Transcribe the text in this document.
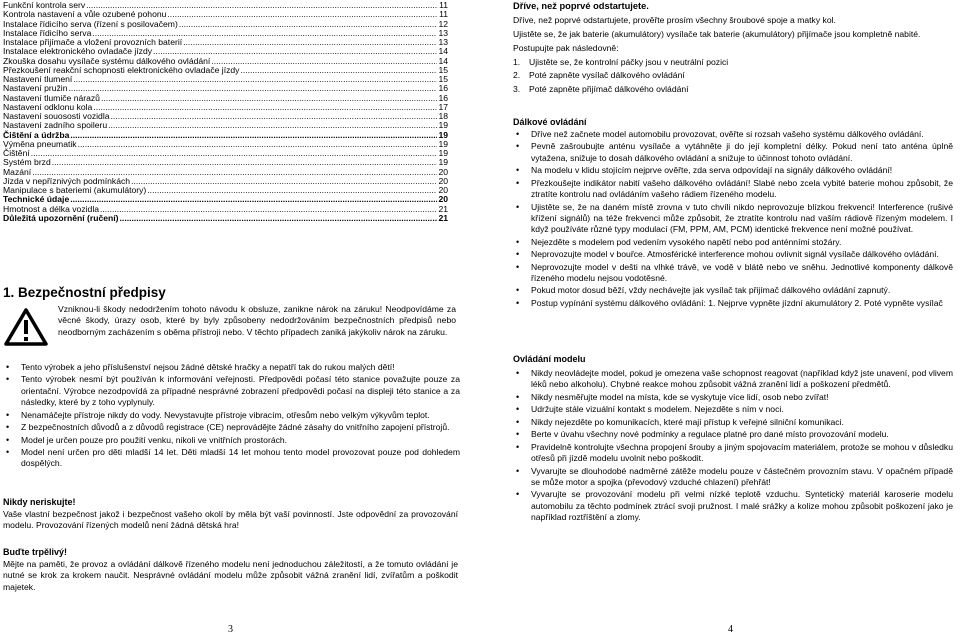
Funkční kontrola serv .....	11
Kontrola nastavení a vůle ozubené pohonu .....	11
Instalace řídicího serva (řízení s posilovačem) .....	12
Instalace řídicího serva .....	13
Instalace přijímače a vložení provozních baterií .....	13
Instalace elektronického ovladače jízdy .....	14
Zkouška dosahu vysílače systému dálkového ovládání .....	14
Přezkoušení reakční schopnosti elektronického ovladače jízdy .....	15
Nastavení tlumení .....	15
Nastavení pružin .....	16
Nastavení tlumiče nárazů .....	16
Nastavení odklonu kola .....	17
Nastavení souososti vozidla .....	18
Nastavení zadního spoileru .....	19
Čištění a údržba .....	19
Výměna pneumatik .....	19
Čištění .....	19
Systém brzd .....	19
Mazání .....	20
Jízda v nepříznivých podmínkách .....	20
Manipulace s bateriemi (akumulátory) .....	20
Technické údaje .....	20
Hmotnost a délka vozidla .....	21
Důležitá upozornění (ručení) .....	21
1. Bezpečnostní předpisy
Vzniknou-li škody nedodržením tohoto návodu k obsluze, zanikne nárok na záruku! Neodpovídáme za věcné škody, úrazy osob, které by byly způsobeny nedodržováním bezpečnostních předpisů nebo neodborným zacházením s oběma přístroji nebo. V těchto případech zaniká jakýkoliv nárok na záruku.
• Tento výrobek a jeho příslušenství nejsou žádné dětské hračky a nepatří tak do rukou malých dětí!
• Tento výrobek nesmí být používán k informování veřejnosti. Předpovědi počasí této stanice považujte pouze za orientační. Výrobce nezodpovídá za případné nesprávné zobrazení předpovědi počasí na displeji této stanice a za následky, které by z toho vyplynuly.
• Nenamáčejte přístroje nikdy do vody. Nevystavujte přístroje vibracím, otřesům nebo velkým výkyvům teplot.
• Z bezpečnostních důvodů a z důvodů registrace (CE) neprovádějte žádné zásahy do vnitřního zapojení přístrojů.
• Model je určen pouze pro použití venku, nikoli ve vnitřních prostorách.
• Model není určen pro děti mladší 14 let. Děti mladší 14 let mohou tento model provozovat pouze pod dohledem dospělých.
Nikdy neriskujte!

Vaše vlastní bezpečnost jakož i bezpečnost vašeho okolí by měla být vaší povinností. Jste odpovědní za provozování modelu. Provozování řízených modelů není žádná dětská hra!

Buďte trpělivý!

Mějte na paměti, že provoz a ovládání dálkově řízeného modelu není jednoduchou záležitostí, a že tomuto ovládání je nutné se krok za krokem naučit. Nesprávné ovládání modelu může způsobit vážná zranění lidí, zvířatům a poškodit majetek.

3
Dříve, než poprvé odstartujete.

Dříve, než poprvé odstartujete, prověřte prosím všechny šroubové spoje a matky kol.

Ujistěte se, že jak baterie (akumulátory) vysílače tak baterie (akumulátory) přijímače jsou kompletně nabité.

Postupujte pak následovně:

1. Ujistěte se, že kontrolní páčky jsou v neutrální pozici
2. Poté zapněte vysílač dálkového ovládání
3. Poté zapněte přijímač dálkového ovládání
Dálkové ovládání
• Dříve než začnete model automobilu provozovat, ověřte si rozsah vašeho systému dálkového ovládání.
• Pevně zašroubujte anténu vysílače a vytáhněte ji do její kompletní délky. Pokud není tato anténa úplně vytažena, snižuje to dosah dálkového ovládání a snižuje to účinnost tohoto ovládání.
• Na modelu v klidu stojícím nejprve ověřte, zda serva odpovídají na signály dálkového ovládání!
• Přezkoušejte indikátor nabití vašeho dálkového ovládání! Slabé nebo zcela vybité baterie mohou způsobit, že ztratíte kontrolu nad ovládáním vašeho rádiem řízeného modelu.
• Ujistěte se, že na daném místě zrovna v tuto chvíli nikdo neprovozuje blízkou frekvenci! Interference (rušivé křížení signálů) na téže frekvenci může způsobit, že ztratíte kontrolu nad vaším rádiově řízeným modelem. I když používáte různé typy modulací (FM, PPM, AM, PCM) identické frekvence není možné používat.
• Nejezděte s modelem pod vedením vysokého napětí nebo pod anténními stožáry.
• Neprovozujte model v bouřce. Atmosférické interference mohou ovlivnit signál vysílače dálkového ovládání.
• Neprovozujte model v dešti na vlhké trávě, ve vodě v blátě nebo ve sněhu. Jednotlivé komponenty dálkově řízeného modelu nejsou vodotěsné.
• Pokud motor dosud běží, vždy nechávejte jak vysílač tak přijímač dálkového ovládání zapnutý.
• Postup vypínání systému dálkového ovládání: 1. Nejprve vypněte jízdní akumulátory 2. Poté vypněte vysílač
Ovládání modelu
• Nikdy neovládejte model, pokud je omezena vaše schopnost reagovat (například když jste unavení, pod vlivem léků nebo alkoholu). Chybné reakce mohou způsobit vážná zranění lidí a poškození předmětů.
• Nikdy nesměřujte model na místa, kde se vyskytuje více lidí, osob nebo zvířat!
• Udržujte stále vizuální kontakt s modelem. Nejezděte s ním v noci.
• Nikdy nejezděte po komunikacích, které mají přístup k veřejné silniční komunikaci.
• Berte v úvahu všechny nové podmínky a regulace platné pro dané místo provozování modelu.
• Pravidelně kontrolujte všechna propojení šrouby a jiným spojovacím materiálem, protože se mohou v důsledku otřesů při jízdě modelu uvolnit nebo poškodit.
• Vyvarujte se dlouhodobé nadměrné zátěže modelu pouze v částečném provozním stavu. V opačném případě se může motor a spojka (převodový vzduché chlazení) přehřát!
• Vyvarujte se provozování modelu při velmi nízké teplotě vzduchu. Syntetický materiál karoserie modelu automobilu za těchto podmínek ztrácí svoji pružnost. I malé srážky a kolize mohou způsobit poškození jako je například roztříštění a zlomy.
4
